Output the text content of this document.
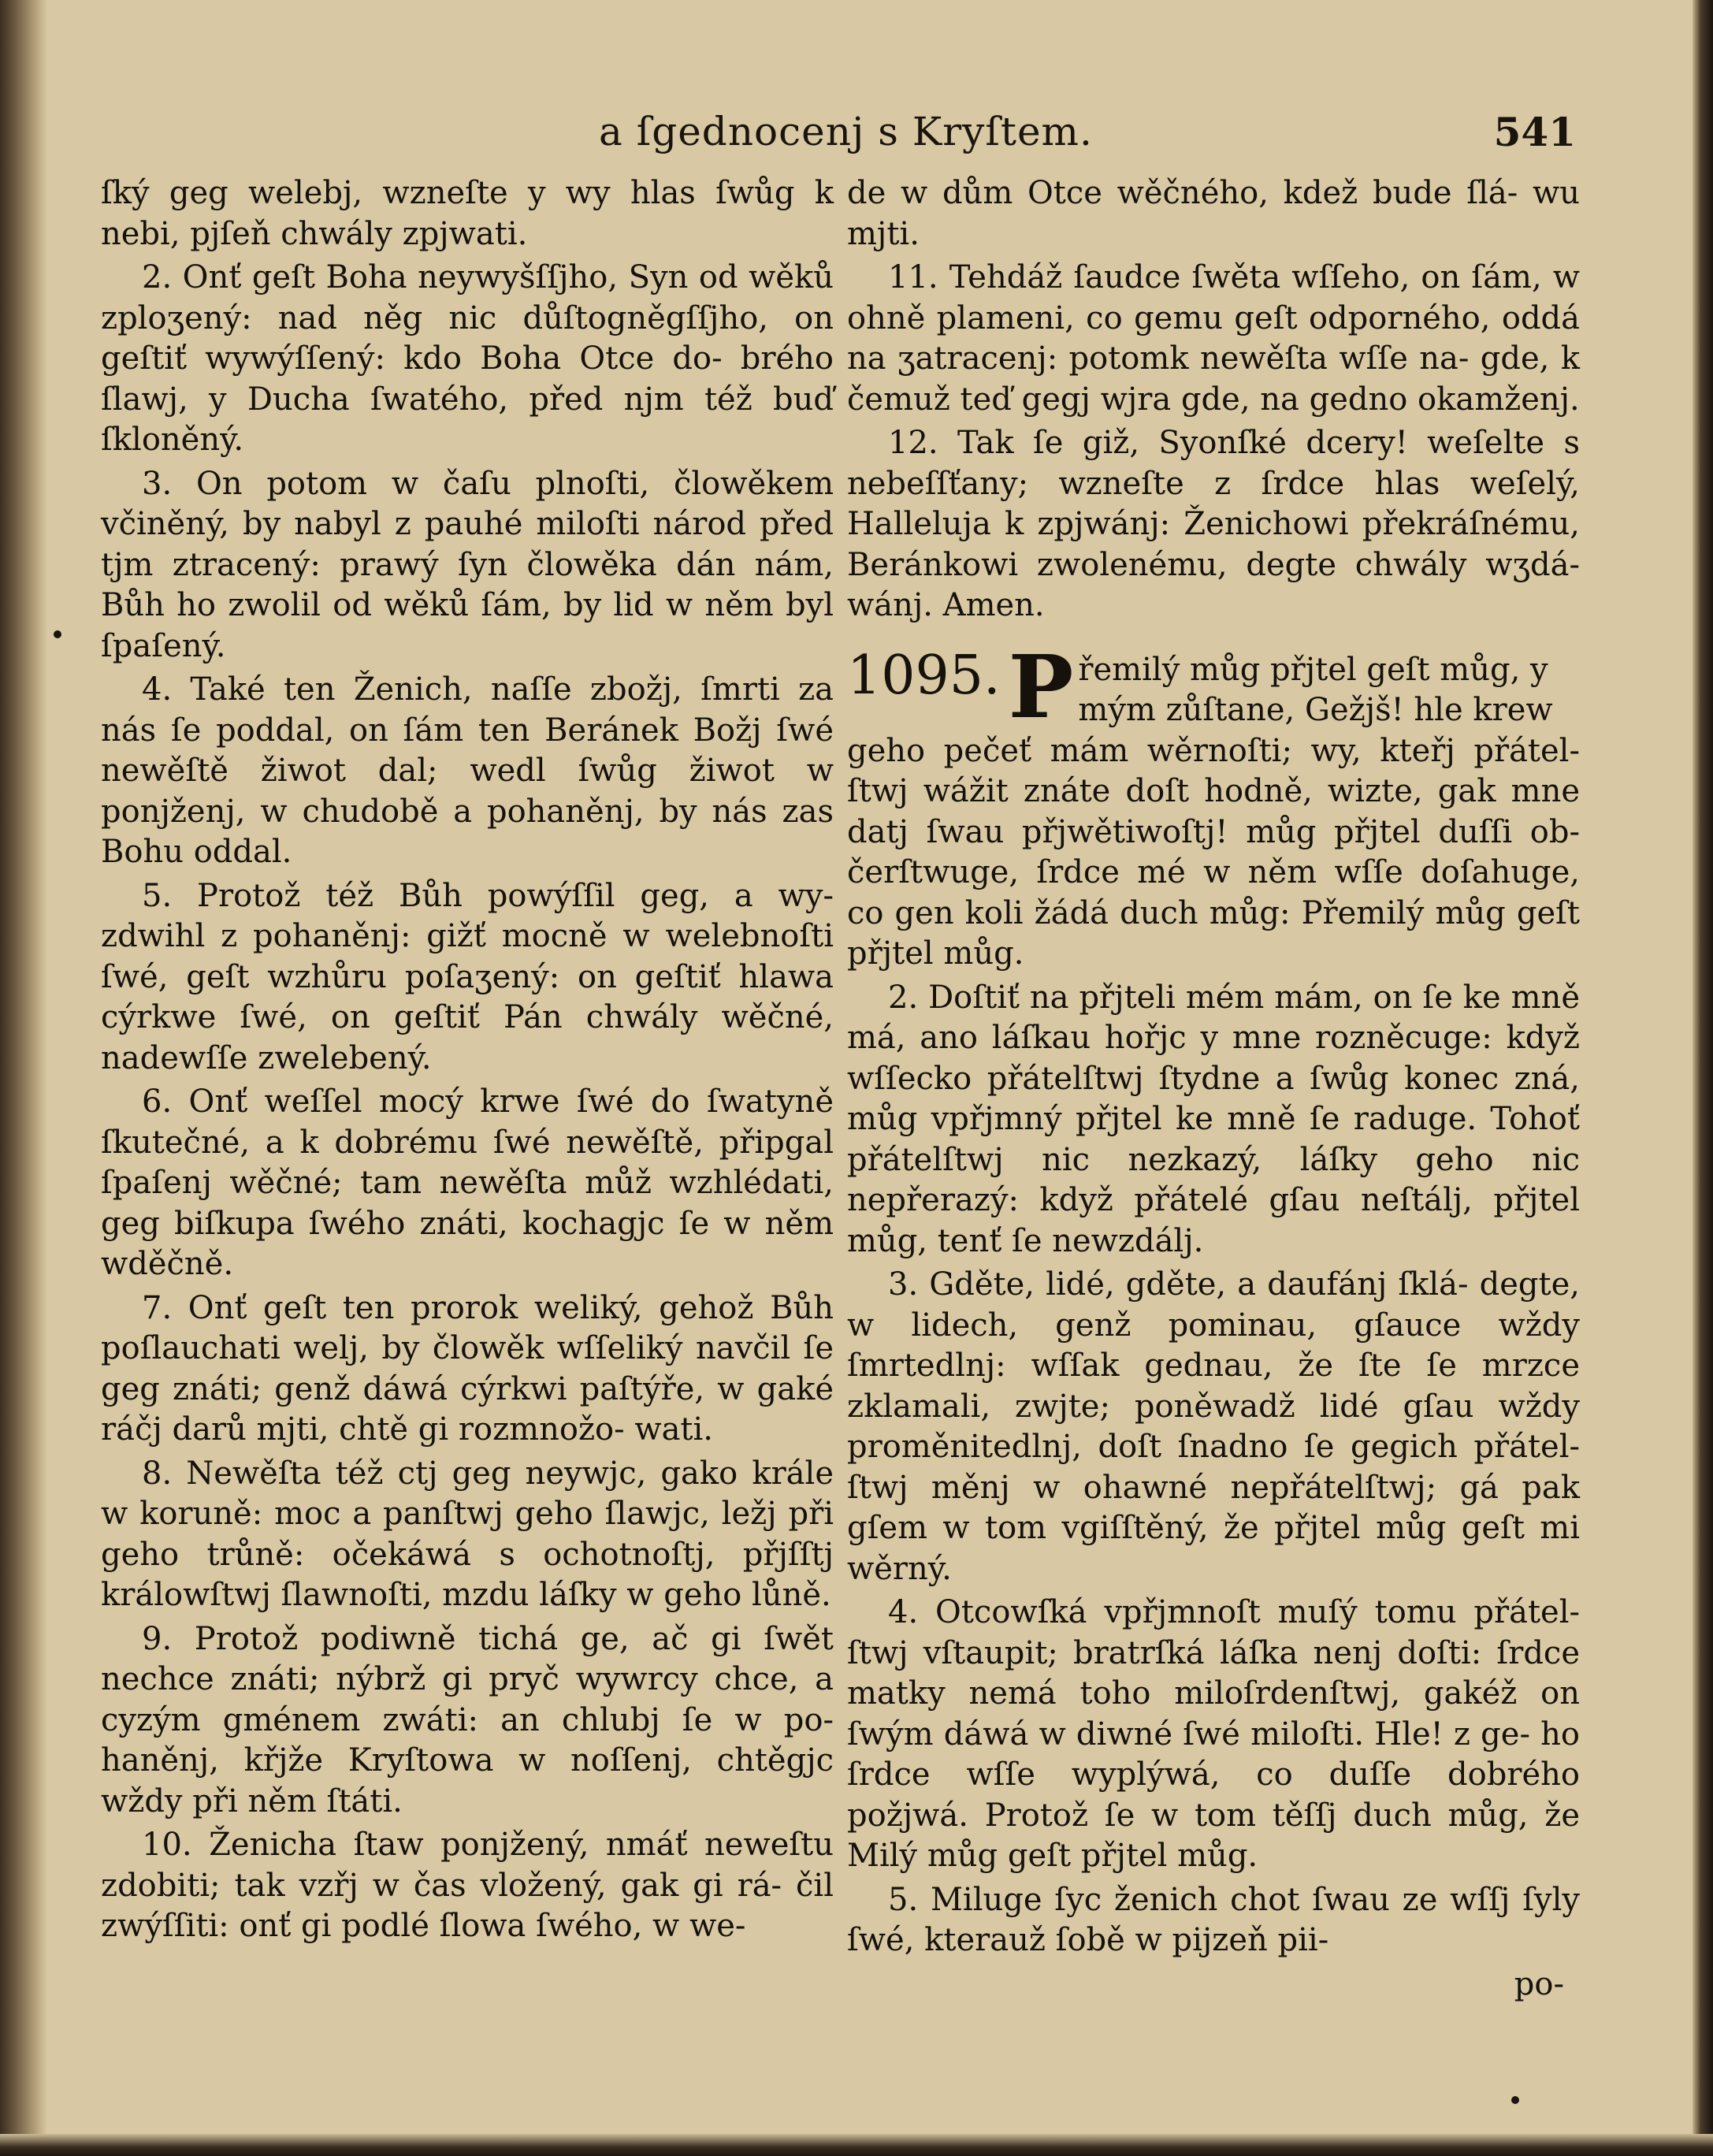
a ſgednocenj s Kryſtem.	541

ſký geg welebj, wzneſte y wy hlas ſwůg k nebi, pjſeň chwály zpjwati.

2. Onť geſt Boha neywyšſſjho, Syn od wěků zploʒený: nad něg nic důſtogněgſſjho, on geſtiť wywýſſený: kdo Boha Otce do- brého ſlawj, y Ducha ſwatého, před njm též buď ſkloněný.

3. On potom w čaſu plnoſti, člowěkem včiněný, by nabyl z pauhé miloſti národ před tjm ztracený: prawý ſyn člowěka dán nám, Bůh ho zwolil od wěků ſám, by lid w něm byl ſpaſený.

4. Také ten Ženich, naſſe zbožj, ſmrti za nás ſe poddal, on ſám ten Beránek Božj ſwé newěſtě žiwot dal; wedl ſwůg žiwot w ponjženj, w chudobě a pohaněnj, by nás zas Bohu oddal.

5. Protož též Bůh powýſſil geg, a wy- zdwihl z pohaněnj: gižť mocně w welebnoſti ſwé, geſt wzhůru poſaʒený: on geſtiť hlawa cýrkwe ſwé, on geſtiť Pán chwály wěčné, nadewſſe zwelebený.

6. Onť weſſel mocý krwe ſwé do ſwatyně ſkutečné, a k dobrému ſwé newěſtě, připgal ſpaſenj wěčné; tam newěſta můž wzhlédati, geg biſkupa ſwého znáti, kochagjc ſe w něm wděčně.

7. Onť geſt ten prorok weliký, gehož Bůh poſlauchati welj, by člowěk wſſeliký navčil ſe geg znáti; genž dáwá cýrkwi paſtýře, w gaké ráčj darů mjti, chtě gi rozmnožo- wati.

8. Newěſta též ctj geg neywjc, gako krále w koruně: moc a panſtwj geho ſlawjc, ležj při geho trůně: očekáwá s ochotnoſtj, přjſſtj králowſtwj ſlawnoſti, mzdu láſky w geho lůně.

9. Protož podiwně tichá ge, ač gi ſwět nechce znáti; nýbrž gi pryč wywrcy chce, a cyzým gménem zwáti: an chlubj ſe w po- haněnj, křjže Kryſtowa w noſſenj, chtěgjc wždy při něm ſtáti.

10. Ženicha ſtaw ponjžený, nmáť neweſtu zdobiti; tak vzřj w čas vložený, gak gi rá- čil zwýſſiti: onť gi podlé ſlowa ſwého, w we-

de w dům Otce wěčného, kdež bude ſlá- wu mjti.

11. Tehdáž ſaudce ſwěta wſſeho, on ſám, w ohně plameni, co gemu geſt odporného, oddá na ʒatracenj: potomk newěſta wſſe na- gde, k čemuž teď gegj wjra gde, na gedno okamženj.

12. Tak ſe giž, Syonſké dcery! weſelte s nebeſſťany; wzneſte z ſrdce hlas weſelý, Halleluja k zpjwánj: Ženichowi překráſnému, Beránkowi zwolenému, degte chwály wʒdá- wánj. Amen.

1095. P řemilý můg přjtel geſt můg, y
mým zůſtane, Gežjš! hle krew

geho pečeť mám wěrnoſti; wy, kteřj přátel- ſtwj wážit znáte doſt hodně, wizte, gak mne datj ſwau přjwětiwoſtj! můg přjtel duſſi ob- čerſtwuge, ſrdce mé w něm wſſe doſahuge, co gen koli žádá duch můg: Přemilý můg geſt přjtel můg.

2. Doſtiť na přjteli mém mám, on ſe ke mně má, ano láſkau hořjc y mne rozněcuge: když wſſecko přátelſtwj ſtydne a ſwůg konec zná, můg vpřjmný přjtel ke mně ſe raduge. Tohoť přátelſtwj nic nezkazý, láſky geho nic nepřerazý: když přátelé gſau neſtálj, přjtel můg, tenť ſe newzdálj.

3. Gděte, lidé, gděte, a daufánj ſklá- degte, w lidech, genž pominau, gſauce wždy ſmrtedlnj: wſſak gednau, že ſte ſe mrzce zklamali, zwjte; poněwadž lidé gſau wždy proměnitedlnj, doſt ſnadno ſe gegich přátel- ſtwj měnj w ohawné nepřátelſtwj; gá pak gſem w tom vgiſſtěný, že přjtel můg geſt mi wěrný.

4. Otcowſká vpřjmnoſt muſý tomu přátel- ſtwj vſtaupit; bratrſká láſka nenj doſti: ſrdce matky nemá toho miloſrdenſtwj, gakéž on ſwým dáwá w diwné ſwé miloſti. Hle! z ge- ho ſrdce wſſe wyplýwá, co duſſe dobrého požjwá. Protož ſe w tom těſſj duch můg, že Milý můg geſt přjtel můg.

5. Miluge ſyc ženich chot ſwau ze wſſj ſyly ſwé, kterauž ſobě w pijzeň pii-

po-
